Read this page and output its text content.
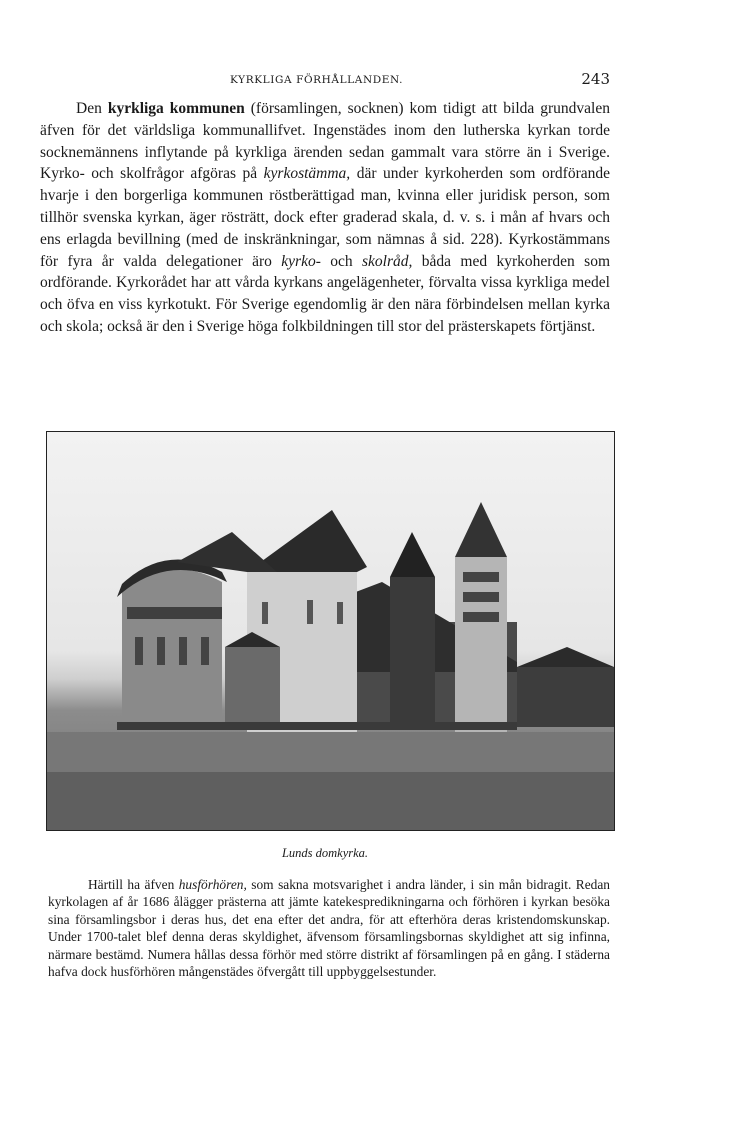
KYRKLIGA FÖRHÅLLANDEN.	243

Den kyrkliga kommunen (församlingen, socknen) kom tidigt att bilda grundvalen äfven för det världsliga kommunallifvet. Ingenstädes inom den lutherska kyrkan torde socknemännens inflytande på kyrkliga ärenden sedan gammalt vara större än i Sverige. Kyrko- och skolfrågor afgöras på kyrkostämma, där under kyrkoherden som ordförande hvarje i den borgerliga kommunen röstberättigad man, kvinna eller juridisk person, som tillhör svenska kyrkan, äger rösträtt, dock efter graderad skala, d. v. s. i mån af hvars och ens erlagda bevillning (med de inskränkningar, som nämnas å sid. 228). Kyrkostämmans för fyra år valda delegationer äro kyrko- och skolråd, båda med kyrkoherden som ordförande. Kyrkorådet har att vårda kyrkans angelägenheter, förvalta vissa kyrkliga medel och öfva en viss kyrkotukt. För Sverige egendomlig är den nära förbindelsen mellan kyrka och skola; också är den i Sverige höga folkbildningen till stor del prästerskapets förtjänst.

Lunds domkyrka.

Härtill ha äfven husförhören, som sakna motsvarighet i andra länder, i sin mån bidragit. Redan kyrkolagen af år 1686 ålägger prästerna att jämte katekespredikningarna och förhören i kyrkan besöka sina församlingsbor i deras hus, det ena efter det andra, för att efterhöra deras kristendomskunskap. Under 1700-talet blef denna deras skyldighet, äfvensom församlingsbornas skyldighet att sig infinna, närmare bestämd. Numera hållas dessa förhör med större distrikt af församlingen på en gång. I städerna hafva dock husförhören mångenstädes öfvergått till uppbyggelsestunder.
